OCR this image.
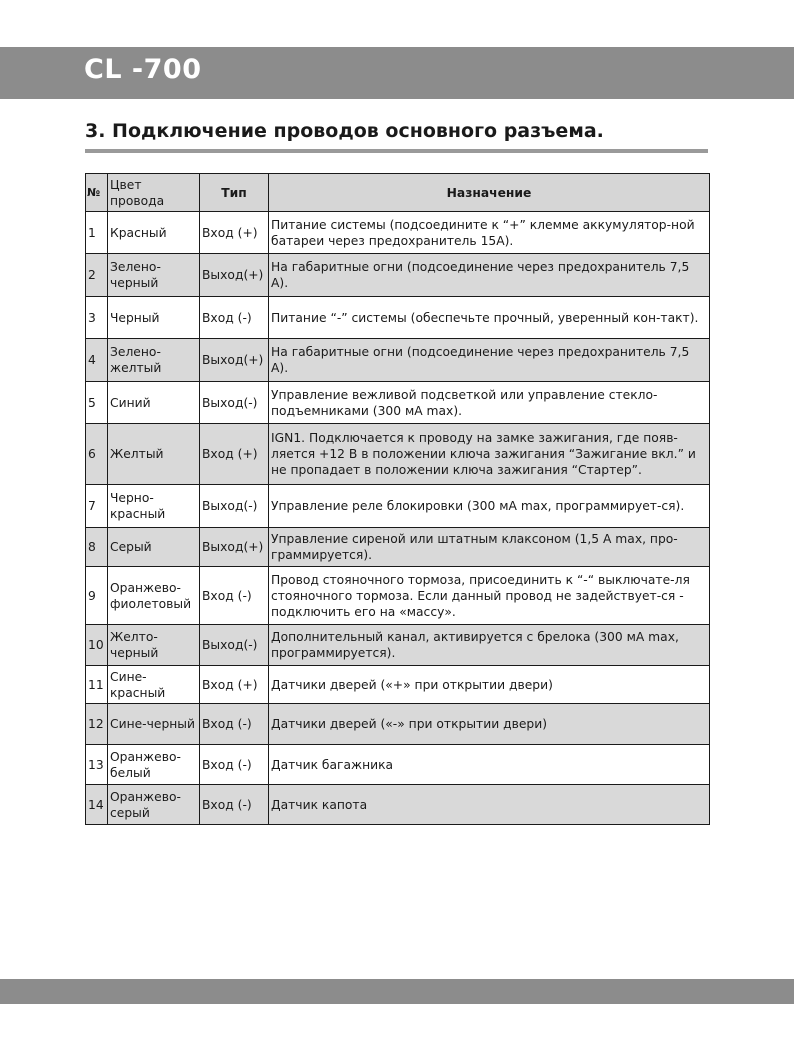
CL -700
3. Подключение проводов основного разъема.
№	Цвет провода	Тип	Назначение
1	Красный	Вход (+)	Питание системы (подсоедините к “+” клемме аккумулятор-ной батареи через предохранитель 15А).
2	Зелено-черный	Выход(+)	На габаритные огни (подсоединение через предохранитель 7,5 А).
3	Черный	Вход (-)	Питание “-” системы (обеспечьте прочный, уверенный кон-такт).
4	Зелено-желтый	Выход(+)	На габаритные огни (подсоединение через предохранитель 7,5 А).
5	Синий	Выход(-)	Управление вежливой подсветкой или управление стекло-подъемниками (300 мА max).
6	Желтый	Вход (+)	IGN1. Подключается к проводу на замке зажигания, где появ-ляется +12 В в положении ключа зажигания “Зажигание вкл.” и не пропадает в положении ключа зажигания “Стартер”.
7	Черно-красный	Выход(-)	Управление реле блокировки (300 мА max, программирует-ся).
8	Серый	Выход(+)	Управление сиреной или штатным клаксоном (1,5 А max, про-граммируется).
9	Оранжево-фиолетовый	Вход (-)	Провод стояночного тормоза, присоединить к “-“ выключате-ля стояночного тормоза. Если данный провод не задействует-ся - подключить его на «массу».
10	Желто-черный	Выход(-)	Дополнительный канал, активируется с брелока (300 мА max, программируется).
11	Сине-красный	Вход (+)	Датчики дверей («+» при открытии двери)
12	Сине-черный	Вход (-)	Датчики дверей («-» при открытии двери)
13	Оранжево-белый	Вход (-)	Датчик багажника
14	Оранжево-серый	Вход (-)	Датчик капота
